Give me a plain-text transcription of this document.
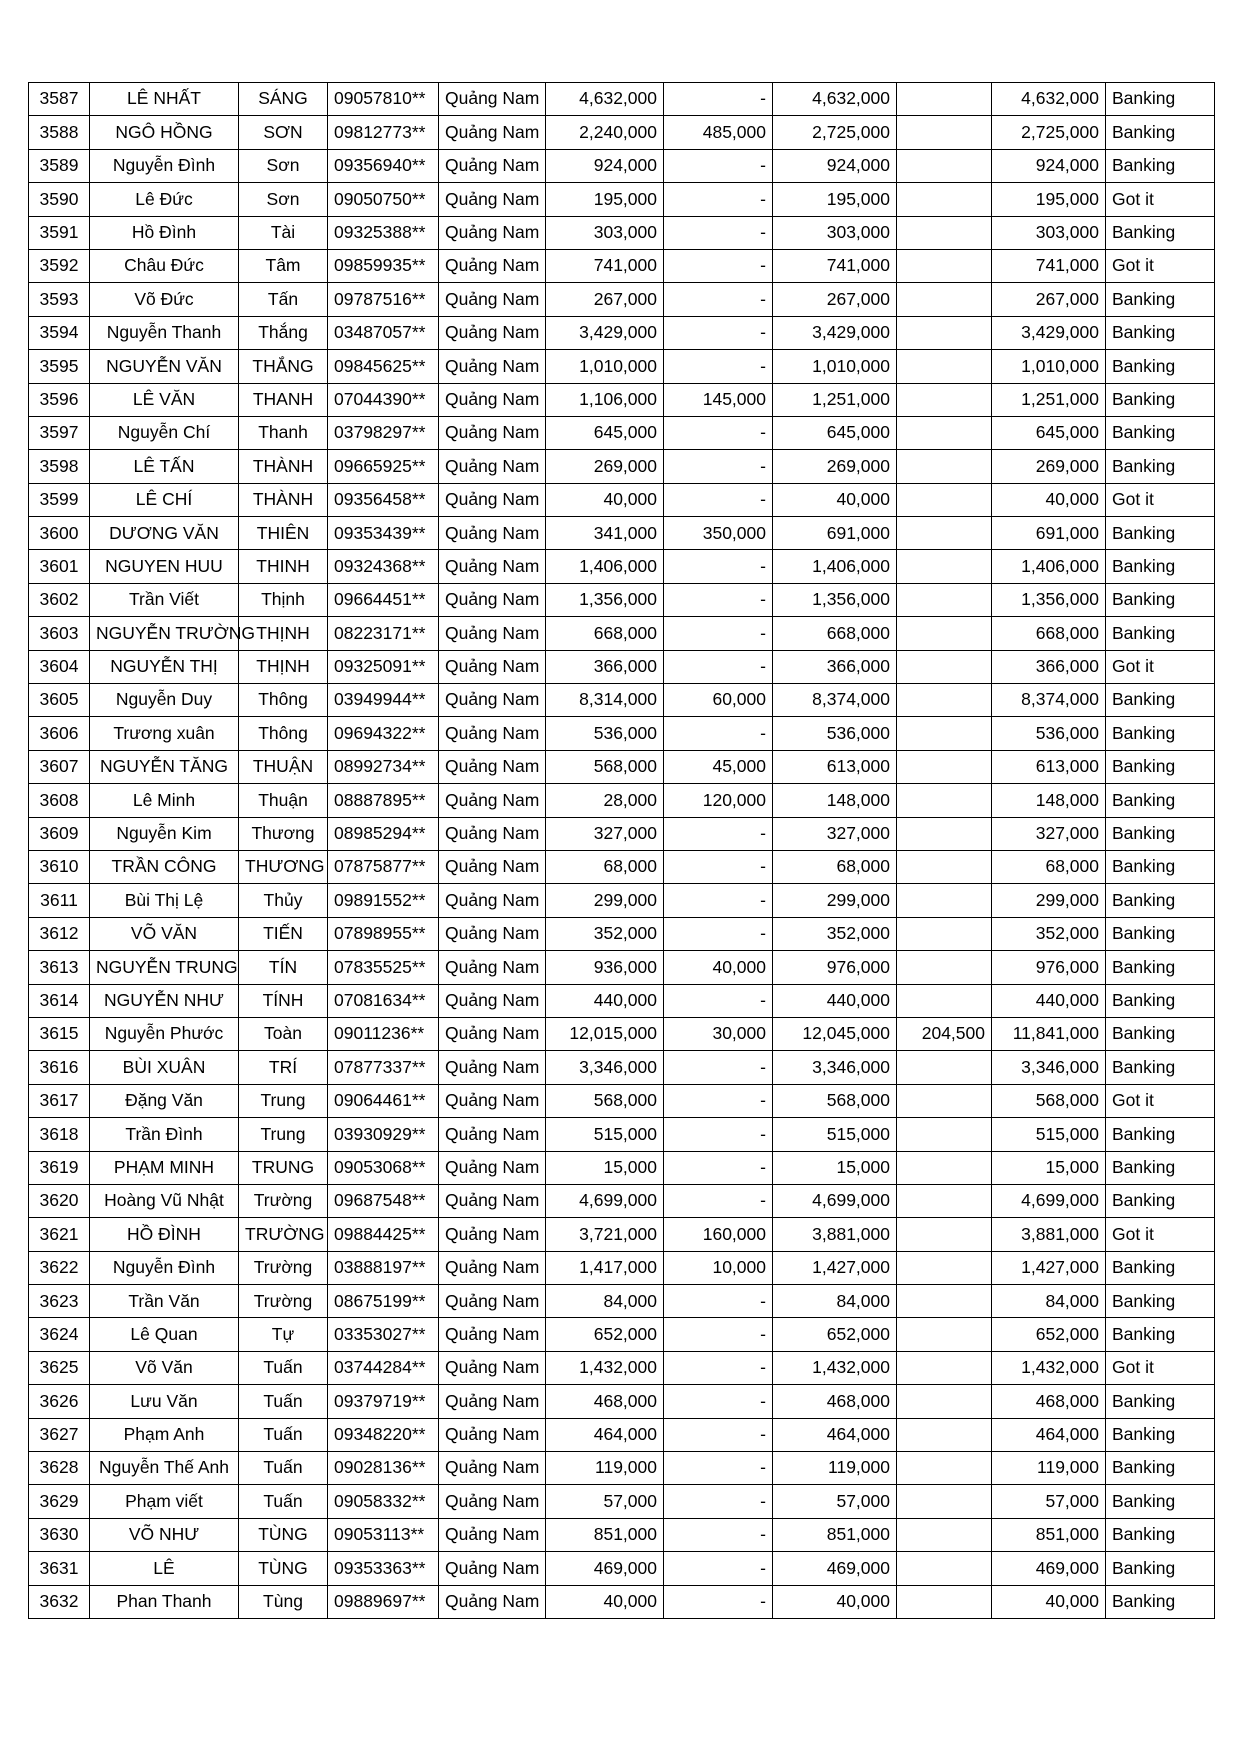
3587	LÊ NHẤT	SÁNG	09057810**	Quảng Nam	4,632,000	-	4,632,000		4,632,000	Banking
3588	NGÔ HỒNG	SƠN	09812773**	Quảng Nam	2,240,000	485,000	2,725,000		2,725,000	Banking
3589	Nguyễn Đình	Sơn	09356940**	Quảng Nam	924,000	-	924,000		924,000	Banking
3590	Lê Đức	Sơn	09050750**	Quảng Nam	195,000	-	195,000		195,000	Got it
3591	Hồ Đình	Tài	09325388**	Quảng Nam	303,000	-	303,000		303,000	Banking
3592	Châu Đức	Tâm	09859935**	Quảng Nam	741,000	-	741,000		741,000	Got it
3593	Võ Đức	Tấn	09787516**	Quảng Nam	267,000	-	267,000		267,000	Banking
3594	Nguyễn Thanh	Thắng	03487057**	Quảng Nam	3,429,000	-	3,429,000		3,429,000	Banking
3595	NGUYỄN VĂN	THẮNG	09845625**	Quảng Nam	1,010,000	-	1,010,000		1,010,000	Banking
3596	LÊ VĂN	THANH	07044390**	Quảng Nam	1,106,000	145,000	1,251,000		1,251,000	Banking
3597	Nguyễn Chí	Thanh	03798297**	Quảng Nam	645,000	-	645,000		645,000	Banking
3598	LÊ TẤN	THÀNH	09665925**	Quảng Nam	269,000	-	269,000		269,000	Banking
3599	LÊ CHÍ	THÀNH	09356458**	Quảng Nam	40,000	-	40,000		40,000	Got it
3600	DƯƠNG VĂN	THIÊN	09353439**	Quảng Nam	341,000	350,000	691,000		691,000	Banking
3601	NGUYEN HUU	THINH	09324368**	Quảng Nam	1,406,000	-	1,406,000		1,406,000	Banking
3602	Trần Viết	Thịnh	09664451**	Quảng Nam	1,356,000	-	1,356,000		1,356,000	Banking
3603	NGUYỄN TRƯỜNG	THỊNH	08223171**	Quảng Nam	668,000	-	668,000		668,000	Banking
3604	NGUYỄN THỊ	THỊNH	09325091**	Quảng Nam	366,000	-	366,000		366,000	Got it
3605	Nguyễn Duy	Thông	03949944**	Quảng Nam	8,314,000	60,000	8,374,000		8,374,000	Banking
3606	Trương xuân	Thông	09694322**	Quảng Nam	536,000	-	536,000		536,000	Banking
3607	NGUYỄN TĂNG	THUẬN	08992734**	Quảng Nam	568,000	45,000	613,000		613,000	Banking
3608	Lê Minh	Thuận	08887895**	Quảng Nam	28,000	120,000	148,000		148,000	Banking
3609	Nguyễn Kim	Thương	08985294**	Quảng Nam	327,000	-	327,000		327,000	Banking
3610	TRẦN CÔNG	THƯƠNG	07875877**	Quảng Nam	68,000	-	68,000		68,000	Banking
3611	Bùi Thị Lệ	Thủy	09891552**	Quảng Nam	299,000	-	299,000		299,000	Banking
3612	VÕ VĂN	TIẾN	07898955**	Quảng Nam	352,000	-	352,000		352,000	Banking
3613	NGUYỄN TRUNG	TÍN	07835525**	Quảng Nam	936,000	40,000	976,000		976,000	Banking
3614	NGUYỄN NHƯ	TÍNH	07081634**	Quảng Nam	440,000	-	440,000		440,000	Banking
3615	Nguyễn Phước	Toàn	09011236**	Quảng Nam	12,015,000	30,000	12,045,000	204,500	11,841,000	Banking
3616	BÙI XUÂN	TRÍ	07877337**	Quảng Nam	3,346,000	-	3,346,000		3,346,000	Banking
3617	Đặng Văn	Trung	09064461**	Quảng Nam	568,000	-	568,000		568,000	Got it
3618	Trần Đình	Trung	03930929**	Quảng Nam	515,000	-	515,000		515,000	Banking
3619	PHẠM MINH	TRUNG	09053068**	Quảng Nam	15,000	-	15,000		15,000	Banking
3620	Hoàng Vũ Nhật	Trường	09687548**	Quảng Nam	4,699,000	-	4,699,000		4,699,000	Banking
3621	HỒ ĐÌNH	TRƯỜNG	09884425**	Quảng Nam	3,721,000	160,000	3,881,000		3,881,000	Got it
3622	Nguyễn Đình	Trường	03888197**	Quảng Nam	1,417,000	10,000	1,427,000		1,427,000	Banking
3623	Trần Văn	Trường	08675199**	Quảng Nam	84,000	-	84,000		84,000	Banking
3624	Lê Quan	Tự	03353027**	Quảng Nam	652,000	-	652,000		652,000	Banking
3625	Võ Văn	Tuấn	03744284**	Quảng Nam	1,432,000	-	1,432,000		1,432,000	Got it
3626	Lưu Văn	Tuấn	09379719**	Quảng Nam	468,000	-	468,000		468,000	Banking
3627	Phạm Anh	Tuấn	09348220**	Quảng Nam	464,000	-	464,000		464,000	Banking
3628	Nguyễn Thế Anh	Tuấn	09028136**	Quảng Nam	119,000	-	119,000		119,000	Banking
3629	Phạm viết	Tuấn	09058332**	Quảng Nam	57,000	-	57,000		57,000	Banking
3630	VÕ NHƯ	TÙNG	09053113**	Quảng Nam	851,000	-	851,000		851,000	Banking
3631	LÊ	TÙNG	09353363**	Quảng Nam	469,000	-	469,000		469,000	Banking
3632	Phan Thanh	Tùng	09889697**	Quảng Nam	40,000	-	40,000		40,000	Banking
